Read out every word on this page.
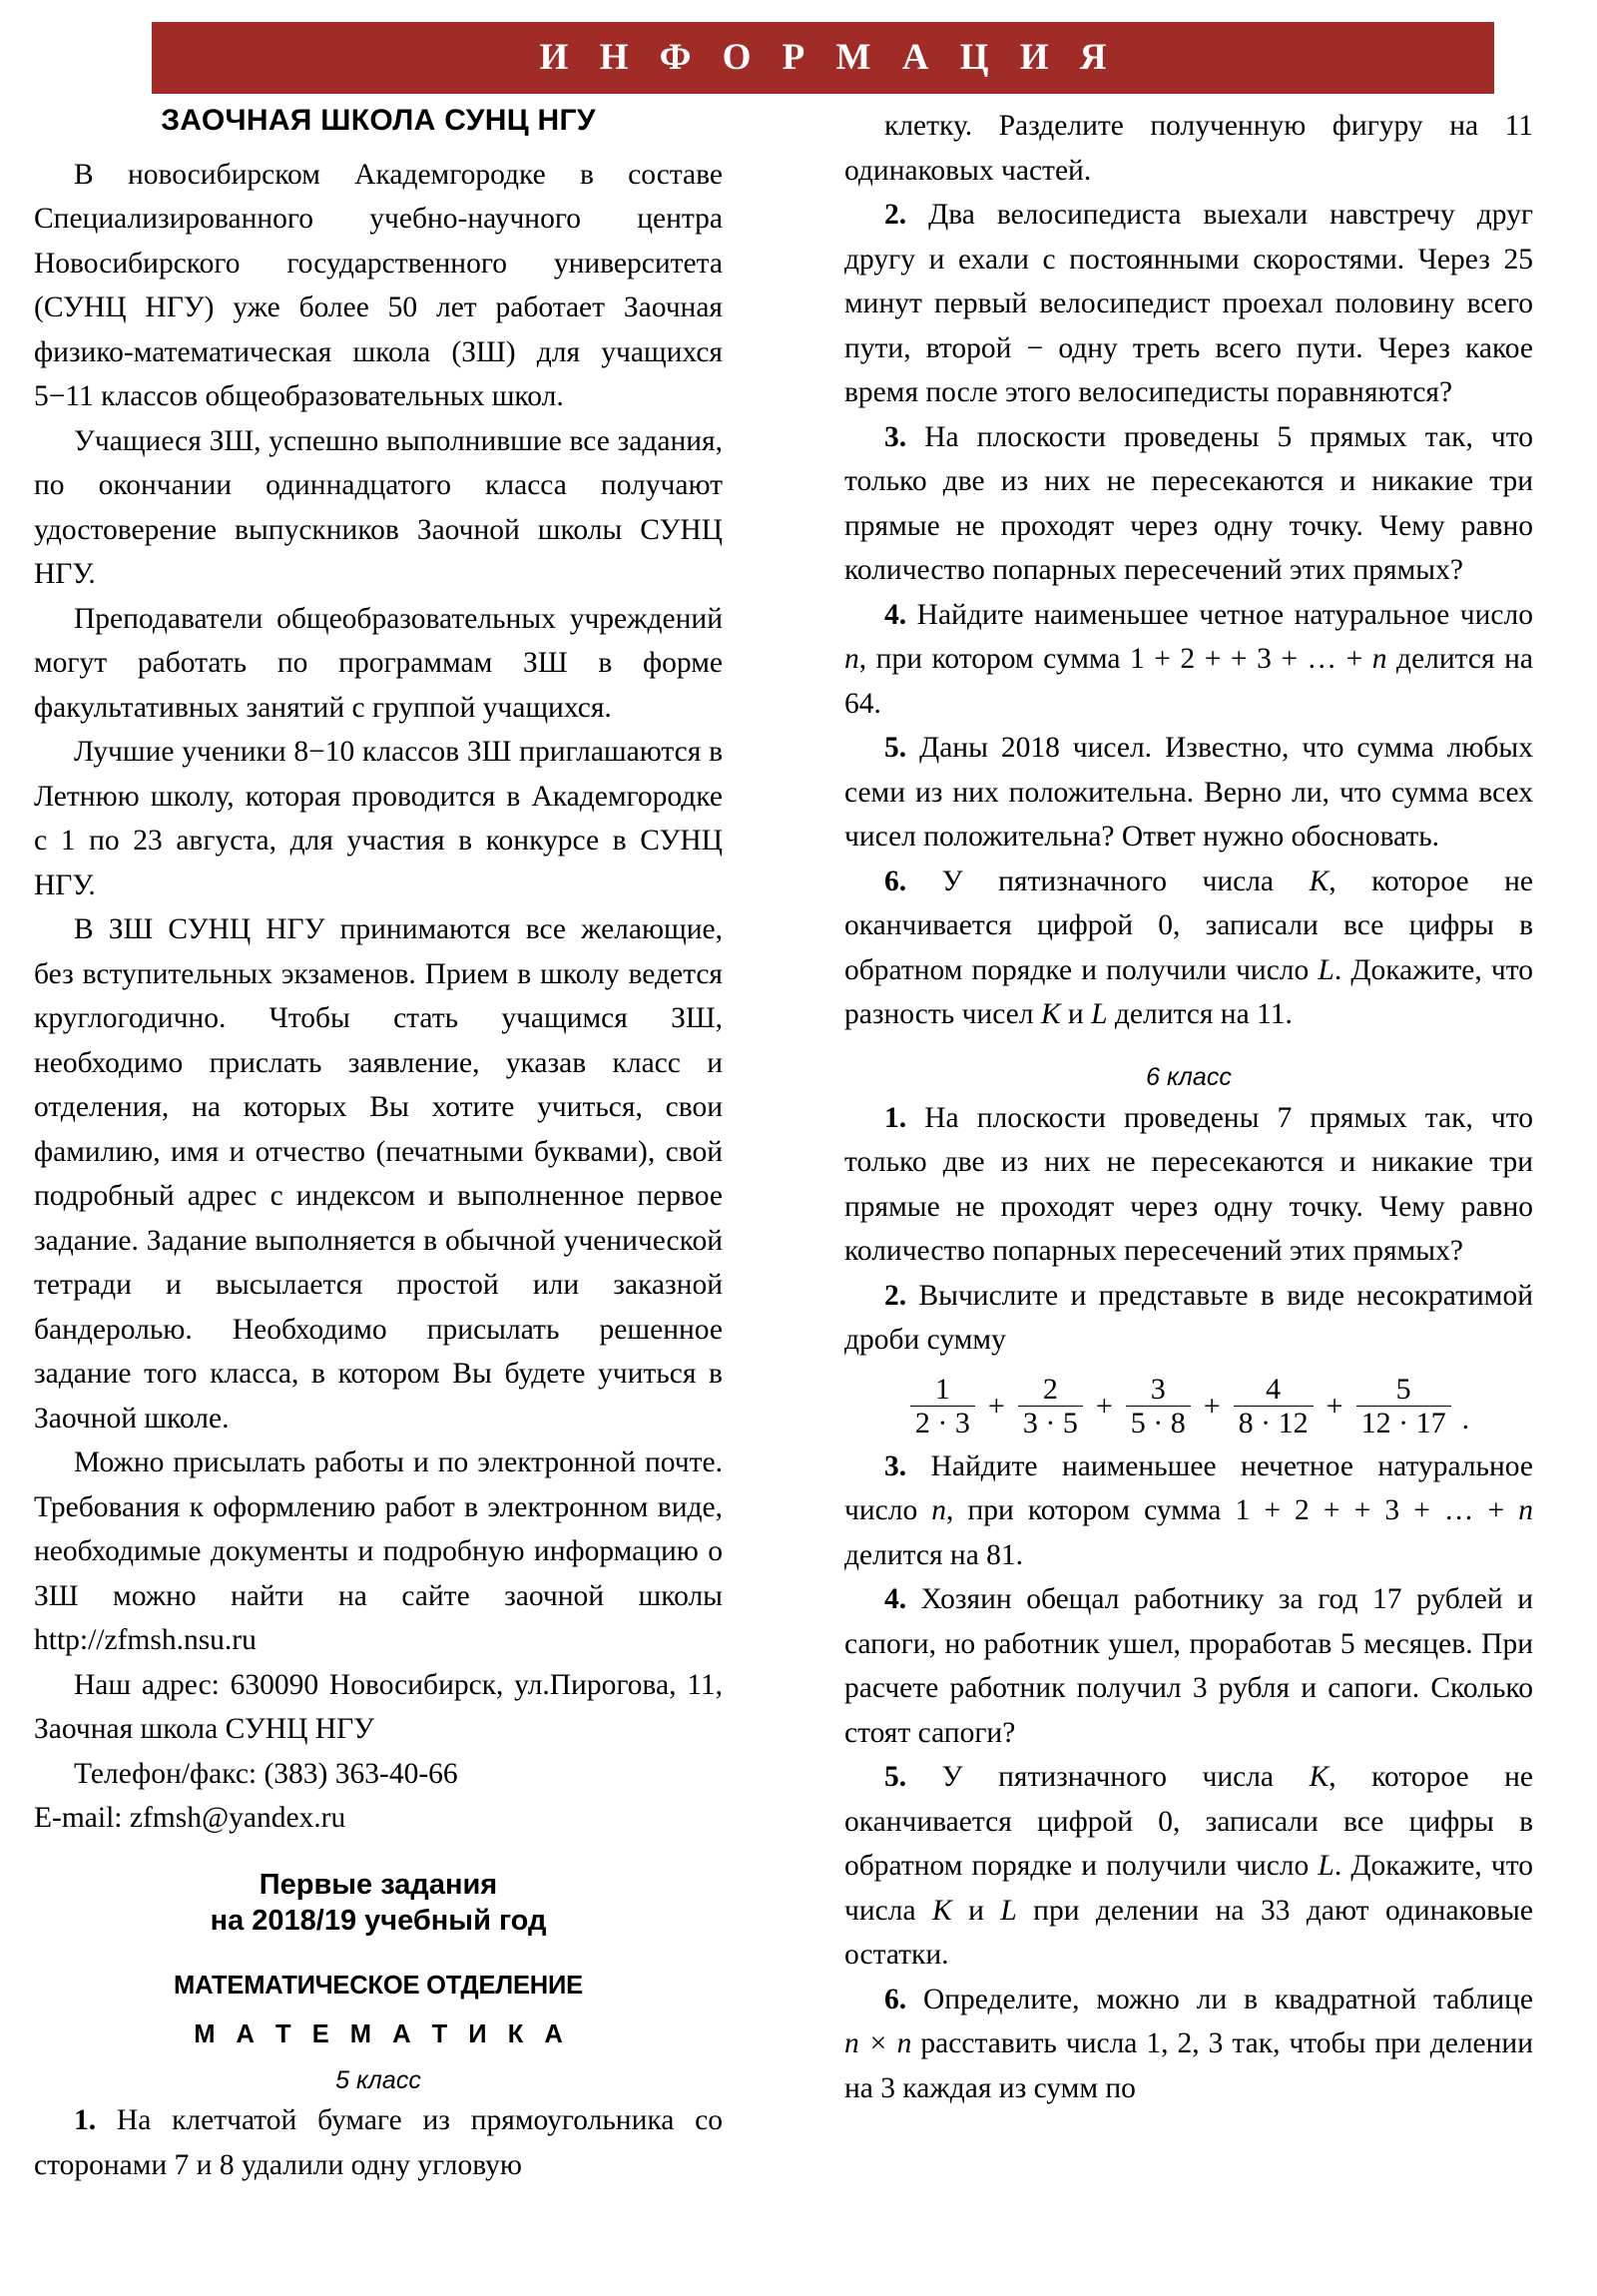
И Н Ф О Р М А Ц И Я
ЗАОЧНАЯ ШКОЛА СУНЦ НГУ

В новосибирском Академгородке в составе Специализированного учебно-научного центра Новосибирского государственного университета (СУНЦ НГУ) уже более 50 лет работает Заочная физико-математическая школа (ЗШ) для учащихся 5−11 классов общеобразовательных школ.

Учащиеся ЗШ, успешно выполнившие все задания, по окончании одиннадцатого класса получают удостоверение выпускников Заочной школы СУНЦ НГУ.

Преподаватели общеобразовательных учреждений могут работать по программам ЗШ в форме факультативных занятий с группой учащихся.

Лучшие ученики 8−10 классов ЗШ приглашаются в Летнюю школу, которая проводится в Академгородке с 1 по 23 августа, для участия в конкурсе в СУНЦ НГУ.

В ЗШ СУНЦ НГУ принимаются все желающие, без вступительных экзаменов. Прием в школу ведется круглогодично. Чтобы стать учащимся ЗШ, необходимо прислать заявление, указав класс и отделения, на которых Вы хотите учиться, свои фамилию, имя и отчество (печатными буквами), свой подробный адрес с индексом и выполненное первое задание. Задание выполняется в обычной ученической тетради и высылается простой или заказной бандеролью. Необходимо присылать решенное задание того класса, в котором Вы будете учиться в Заочной школе.

Можно присылать работы и по электронной почте. Требования к оформлению работ в электронном виде, необходимые документы и подробную информацию о ЗШ можно найти на сайте заочной школы http://zfmsh.nsu.ru

Наш адрес: 630090 Новосибирск, ул.Пирогова, 11, Заочная школа СУНЦ НГУ

Телефон/факс: (383) 363-40-66

E-mail: zfmsh@yandex.ru

Первые задания
на 2018/19 учебный год
МАТЕМАТИЧЕСКОЕ ОТДЕЛЕНИЕ
М А Т Е М А Т И К А
5 класс

1. На клетчатой бумаге из прямоугольника со сторонами 7 и 8 удалили одну угловую

клетку. Разделите полученную фигуру на 11 одинаковых частей.

2. Два велосипедиста выехали навстречу друг другу и ехали с постоянными скоростями. Через 25 минут первый велосипедист проехал половину всего пути, второй − одну треть всего пути. Через какое время после этого велосипедисты поравняются?

3. На плоскости проведены 5 прямых так, что только две из них не пересекаются и никакие три прямые не проходят через одну точку. Чему равно количество попарных пересечений этих прямых?

4. Найдите наименьшее четное натуральное число n, при котором сумма 1 + 2 + + 3 + … + n делится на 64.

5. Даны 2018 чисел. Известно, что сумма любых семи из них положительна. Верно ли, что сумма всех чисел положительна? Ответ нужно обосновать.

6. У пятизначного числа K, которое не оканчивается цифрой 0, записали все цифры в обратном порядке и получили число L. Докажите, что разность чисел K и L делится на 11.

6 класс

1. На плоскости проведены 7 прямых так, что только две из них не пересекаются и никакие три прямые не проходят через одну точку. Чему равно количество попарных пересечений этих прямых?

2. Вычислите и представьте в виде несократимой дроби сумму

$\frac{1}{2 \cdot 3} + \frac{2}{3 \cdot 5} + \frac{3}{5 \cdot 8} + \frac{4}{8 \cdot 12} + \frac{5}{12 \cdot 17}$ .

3. Найдите наименьшее нечетное натуральное число n, при котором сумма 1 + 2 + + 3 + … + n делится на 81.

4. Хозяин обещал работнику за год 17 рублей и сапоги, но работник ушел, проработав 5 месяцев. При расчете работник получил 3 рубля и сапоги. Сколько стоят сапоги?

5. У пятизначного числа K, которое не оканчивается цифрой 0, записали все цифры в обратном порядке и получили число L. Докажите, что числа K и L при делении на 33 дают одинаковые остатки.

6. Определите, можно ли в квадратной таблице n × n расставить числа 1, 2, 3 так, чтобы при делении на 3 каждая из сумм по
